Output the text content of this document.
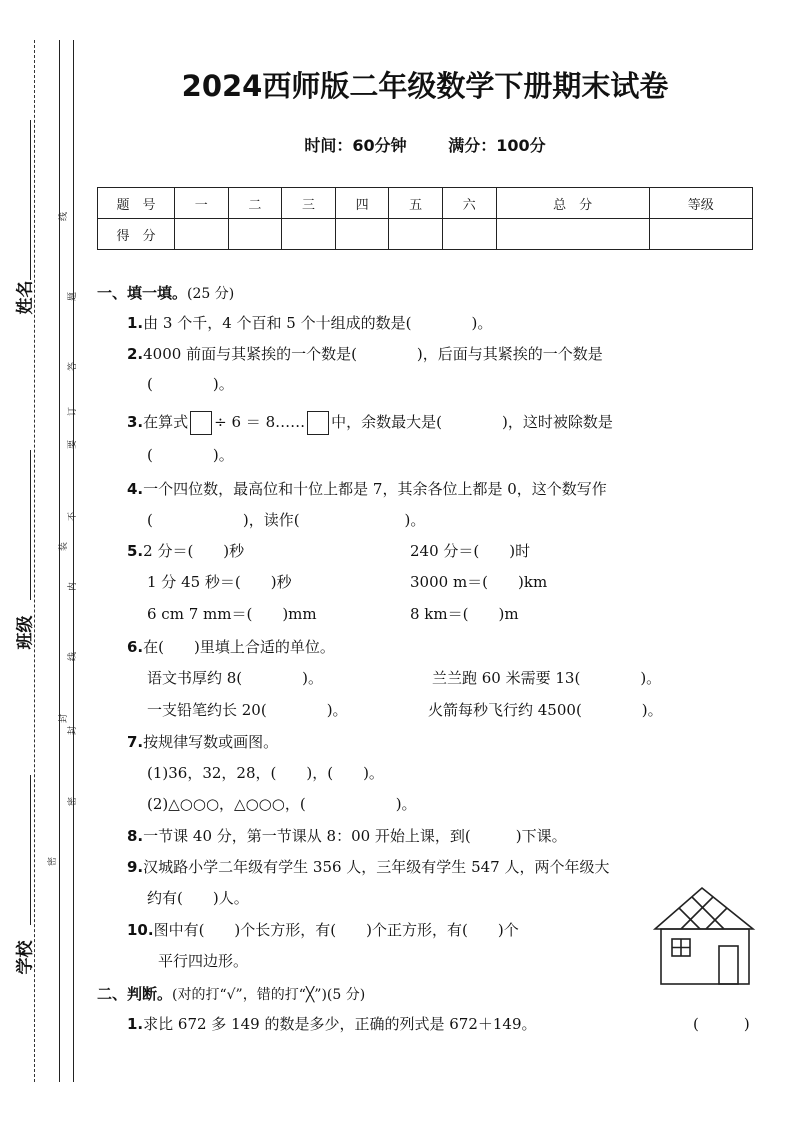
姓名
班级
学校
线
题
答
订
要
不
装
内
线
封
封
密
密
2024西师版二年级数学下册期末试卷
时间：60分钟	满分：100分
题　号	一	二	三	四	五	六	总　分	等级
得　分								
一、填一填。(25 分)
1.由 3 个千，4 个百和 5 个十组成的数是(　　　　)。
2.4000 前面与其紧挨的一个数是(　　　　)，后面与其紧挨的一个数是
(　　　　)。
3.在算式 ÷ 6 ＝ 8…… 中，余数最大是(　　　　)，这时被除数是
(　　　　)。
4.一个四位数，最高位和十位上都是 7，其余各位上都是 0，这个数写作
(　　　　　　)，读作(　　　　　　　)。
5.2 分＝(　　)秒	240 分＝(　　)时
1 分 45 秒＝(　　)秒	3000 m＝(　　)km
6 cm 7 mm＝(　　)mm	8 km＝(　　)m
6.在(　　)里填上合适的单位。
语文书厚约 8(　　　　)。	兰兰跑 60 米需要 13(　　　　)。
一支铅笔约长 20(　　　　)。	火箭每秒飞行约 4500(　　　　)。
7.按规律写数或画图。
(1)36，32，28，(　　)，(　　)。
(2)△○○○，△○○○，(　　　　　　)。
8.一节课 40 分，第一节课从 8：00 开始上课，到(　　　)下课。
9.汉城路小学二年级有学生 356 人，三年级有学生 547 人，两个年级大
约有(　　)人。
10.图中有(　　)个长方形，有(　　)个正方形，有(　　)个
平行四边形。
二、判断。(对的打“√”，错的打“╳”)(5 分)
1.求比 672 多 149 的数是多少，正确的列式是 672＋149。	(　　　)
